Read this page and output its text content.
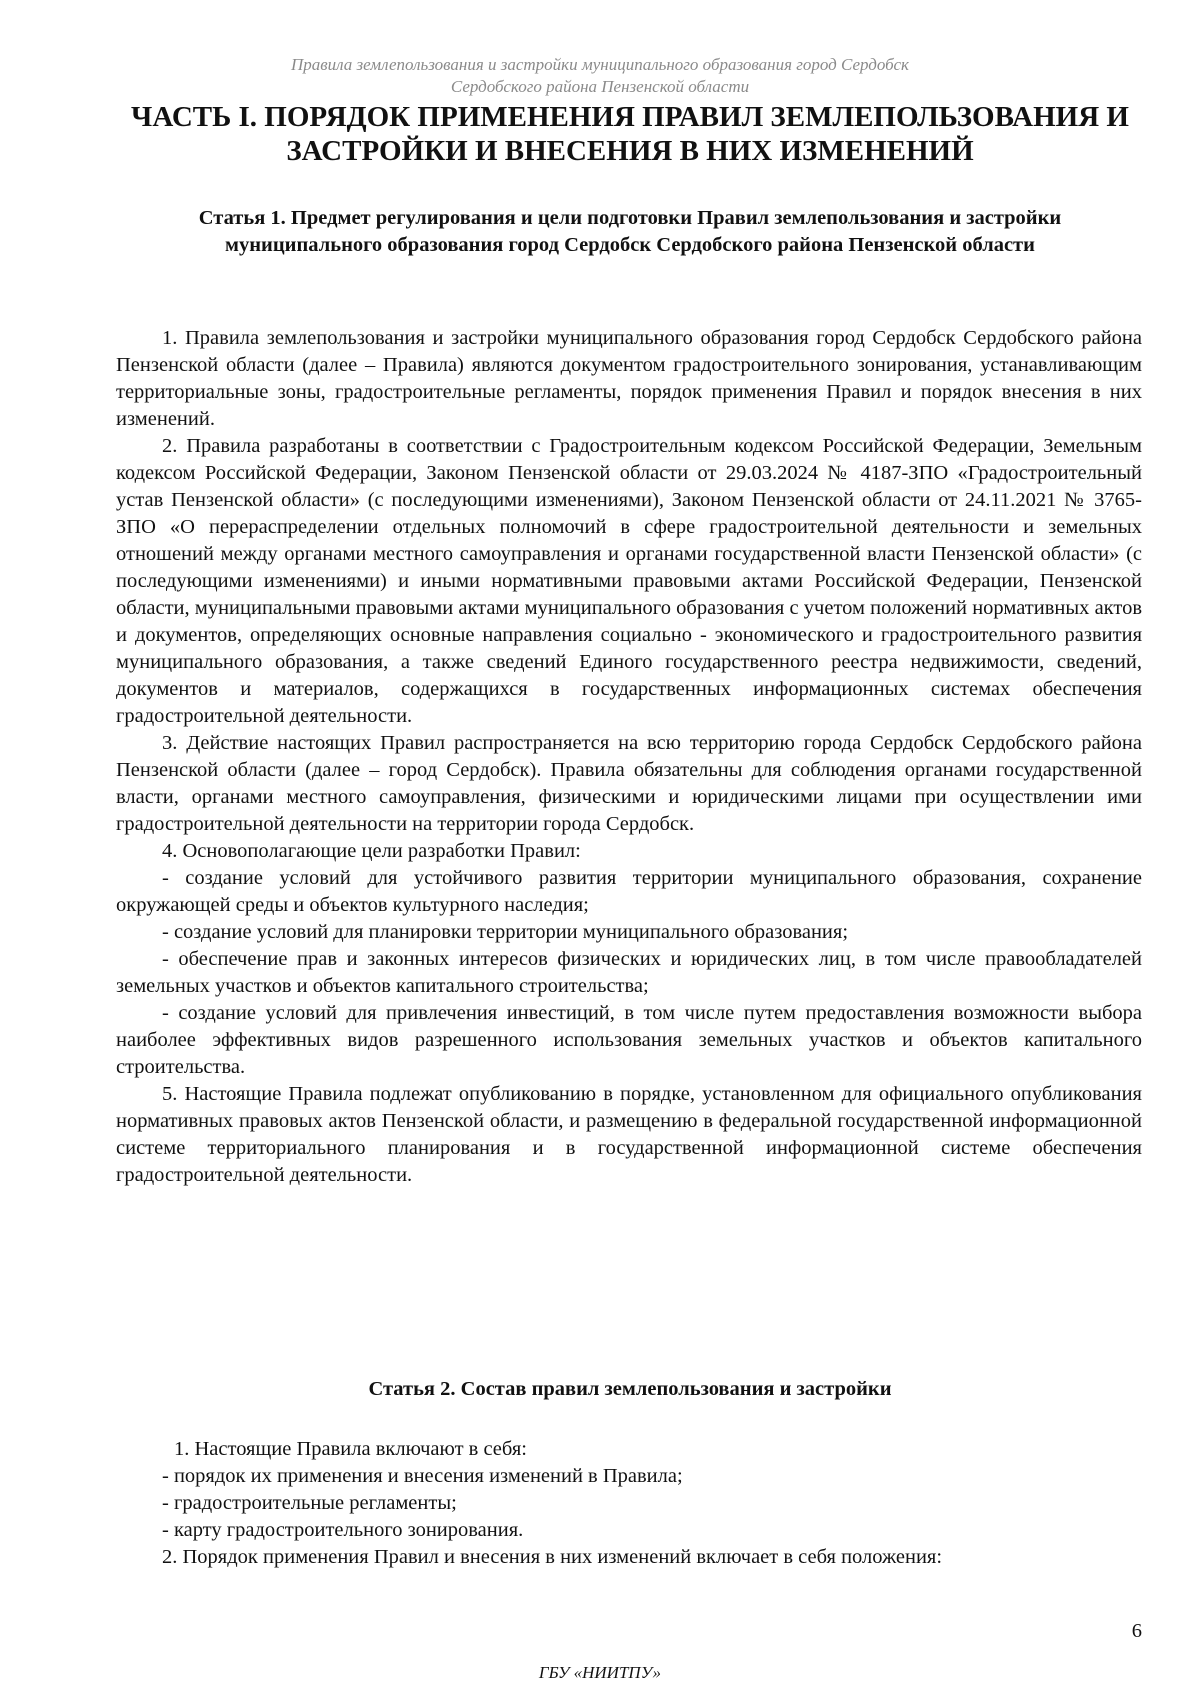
Правила землепользования и застройки муниципального образования город Сердобск
Сердобского района Пензенской области
ЧАСТЬ I. ПОРЯДОК ПРИМЕНЕНИЯ ПРАВИЛ ЗЕМЛЕПОЛЬЗОВАНИЯ И ЗАСТРОЙКИ И ВНЕСЕНИЯ В НИХ ИЗМЕНЕНИЙ
Статья 1. Предмет регулирования и цели подготовки Правил землепользования и застройки муниципального образования город Сердобск Сердобского района Пензенской области

1. Правила землепользования и застройки муниципального образования город Сердобск Сердобского района Пензенской области (далее – Правила) являются документом градостроительного зонирования, устанавливающим территориальные зоны, градостроительные регламенты, порядок применения Правил и порядок внесения в них изменений.

2. Правила разработаны в соответствии с Градостроительным кодексом Российской Федерации, Земельным кодексом Российской Федерации, Законом Пензенской области от 29.03.2024 № 4187-ЗПО «Градостроительный устав Пензенской области» (с последующими изменениями), Законом Пензенской области от 24.11.2021 № 3765-ЗПО «О перераспределении отдельных полномочий в сфере градостроительной деятельности и земельных отношений между органами местного самоуправления и органами государственной власти Пензенской области» (с последующими изменениями) и иными нормативными правовыми актами Российской Федерации, Пензенской области, муниципальными правовыми актами муниципального образования с учетом положений нормативных актов и документов, определяющих основные направления социально - экономического и градостроительного развития муниципального образования, а также сведений Единого государственного реестра недвижимости, сведений, документов и материалов, содержащихся в государственных информационных системах обеспечения градостроительной деятельности.

3. Действие настоящих Правил распространяется на всю территорию города Сердобск Сердобского района Пензенской области (далее – город Сердобск). Правила обязательны для соблюдения органами государственной власти, органами местного самоуправления, физическими и юридическими лицами при осуществлении ими градостроительной деятельности на территории города Сердобск.

4. Основополагающие цели разработки Правил:

- создание условий для устойчивого развития территории муниципального образования, сохранение окружающей среды и объектов культурного наследия;

- создание условий для планировки территории муниципального образования;

- обеспечение прав и законных интересов физических и юридических лиц, в том числе правообладателей земельных участков и объектов капитального строительства;

- создание условий для привлечения инвестиций, в том числе путем предоставления возможности выбора наиболее эффективных видов разрешенного использования земельных участков и объектов капитального строительства.

5. Настоящие Правила подлежат опубликованию в порядке, установленном для официального опубликования нормативных правовых актов Пензенской области, и размещению в федеральной государственной информационной системе территориального планирования и в государственной информационной системе обеспечения градостроительной деятельности.

Статья 2. Состав правил землепользования и застройки

1. Настоящие Правила включают в себя:

- порядок их применения и внесения изменений в Правила;

- градостроительные регламенты;

- карту градостроительного зонирования.

2. Порядок применения Правил и внесения в них изменений включает в себя положения:

6
ГБУ «НИИТПУ»
